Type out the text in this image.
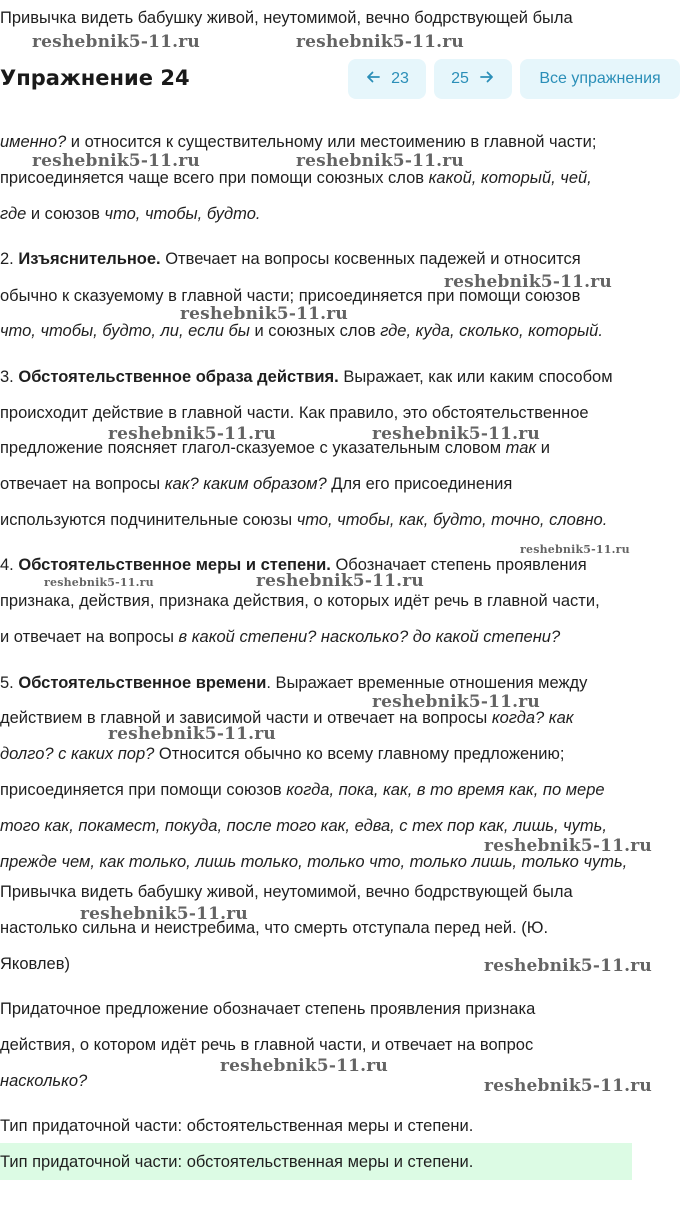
Привычка видеть бабушку живой, неутомимой, вечно бодрствующей была
Упражнение 24	23	25	Все упражнения
именно? и относится к существительному или местоимению в главной части;
присоединяется чаще всего при помощи союзных слов какой, который, чей,
где и союзов что, чтобы, будто.
2. Изъяснительное. Отвечает на вопросы косвенных падежей и относится
обычно к сказуемому в главной части; присоединяется при помощи союзов
что, чтобы, будто, ли, если бы и союзных слов где, куда, сколько, который.
3. Обстоятельственное образа действия. Выражает, как или каким способом
происходит действие в главной части. Как правило, это обстоятельственное
предложение поясняет глагол-сказуемое с указательным словом так и
отвечает на вопросы как? каким образом? Для его присоединения
используются подчинительные союзы что, чтобы, как, будто, точно, словно.
4. Обстоятельственное меры и степени. Обозначает степень проявления
признака, действия, признака действия, о которых идёт речь в главной части,
и отвечает на вопросы в какой степени? насколько? до какой степени?
5. Обстоятельственное времени. Выражает временные отношения между
действием в главной и зависимой части и отвечает на вопросы когда? как
долго? с каких пор? Относится обычно ко всему главному предложению;
присоединяется при помощи союзов когда, пока, как, в то время как, по мере
того как, покамест, покуда, после того как, едва, с тех пор как, лишь, чуть,
прежде чем, как только, лишь только, только что, только лишь, только чуть,
Привычка видеть бабушку живой, неутомимой, вечно бодрствующей была
настолько сильна и неистребима, что смерть отступала перед ней. (Ю.
Яковлев)
Придаточное предложение обозначает степень проявления признака
действия, о котором идёт речь в главной части, и отвечает на вопрос
насколько?
Тип придаточной части: обстоятельственная меры и степени.
Тип придаточной части: обстоятельственная меры и степени.
reshebnik5-11.ru	reshebnik5-11.ru
reshebnik5-11.ru	reshebnik5-11.ru
reshebnik5-11.ru
reshebnik5-11.ru
reshebnik5-11.ru	reshebnik5-11.ru
reshebnik5-11.ru
reshebnik5-11.ru	reshebnik5-11.ru
reshebnik5-11.ru
reshebnik5-11.ru
reshebnik5-11.ru
reshebnik5-11.ru
reshebnik5-11.ru
reshebnik5-11.ru
reshebnik5-11.ru
